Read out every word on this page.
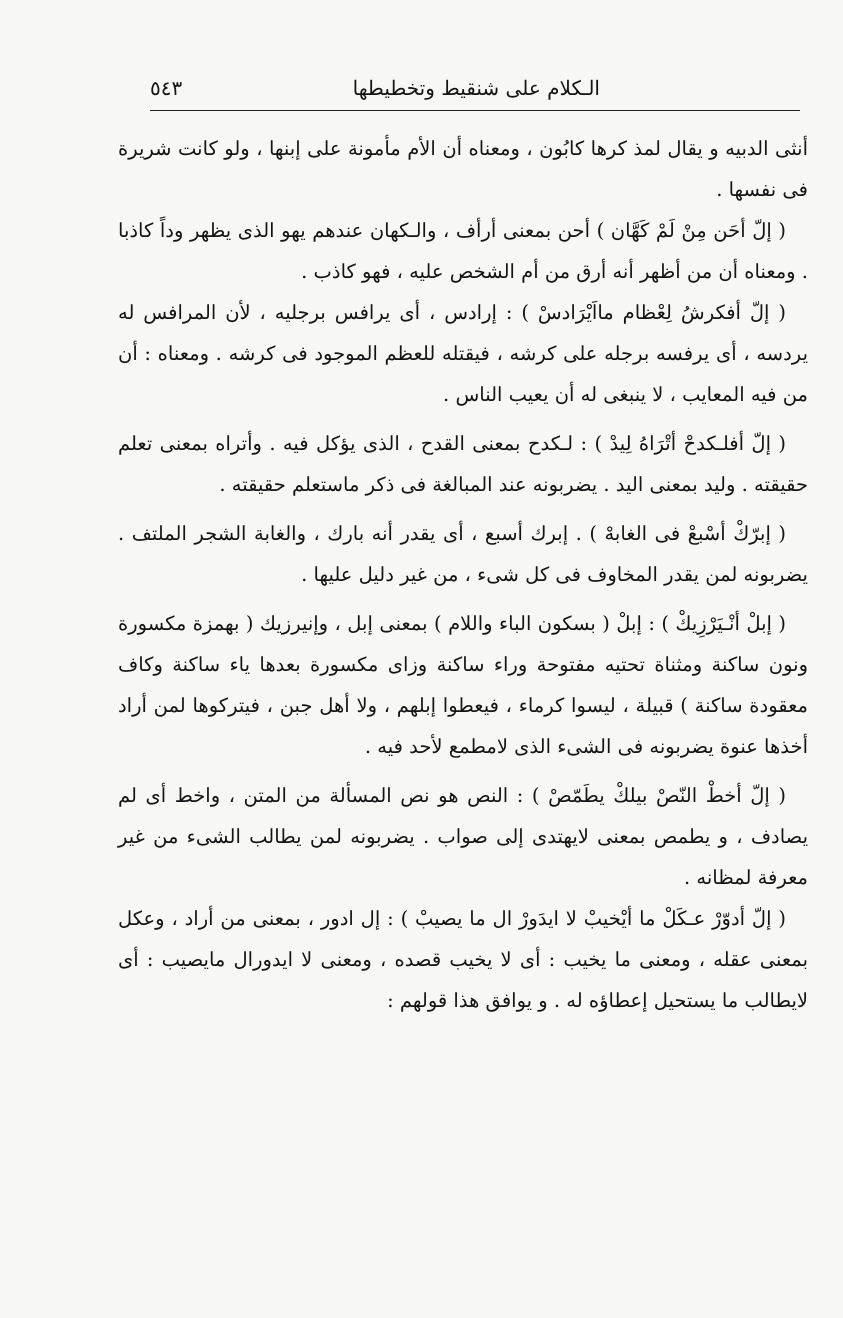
الـكلام على شنقيط وتخطيطها
٥٤٣

أنثى الدبيه و يقال لمذ كرها كابُون ، ومعناه أن الأم مأمونة على إبنها ، ولو كانت شريرة فى نفسها .

( إلّ أحَن مِنْ لَمْ كَهَّان ) أحن بمعنى أرأف ، والـكهان عندهم يهو الذى يظهر وداً كاذبا . ومعناه أن من أظهر أنه أرق من أم الشخص عليه ، فهو كاذب .

( إلّ أفكرشُ لِعْظام مااَيْرَادسْ ) : إرادس ، أى يرافس برجليه ، لأن المرافس له يردسه ، أى يرفسه برجله على كرشه ، فيقتله للعظم الموجود فى كرشه . ومعناه : أن من فيه المعايب ، لا ينبغى له أن يعيب الناس .

( إلّ أفلـكدحْ أتْرَاهُ لِيدْ ) : لـكدح بمعنى القدح ، الذى يؤكل فيه . وأتراه بمعنى تعلم حقيقته . وليد بمعنى اليد . يضربونه عند المبالغة فى ذكر ماستعلم حقيقته .

( إبرّكْ أسْبعْ فى الغابهْ ) . إبرك أسبع ، أى يقدر أنه بارك ، والغابة الشجر الملتف . يضربونه لمن يقدر المخاوف فى كل شىء ، من غير دليل عليها .

( إبلْ أنْـيَرْزِيكْ ) : إبلْ ( بسكون الباء واللام ) بمعنى إبل ، وإنيرزيك ( بهمزة مكسورة ونون ساكنة ومثناة تحتيه مفتوحة وراء ساكنة وزاى مكسورة بعدها ياء ساكنة وكاف معقودة ساكنة ) قبيلة ، ليسوا كرماء ، فيعطوا إبلهم ، ولا أهل جبن ، فيتركوها لمن أراد أخذها عنوة يضربونه فى الشىء الذى لامطمع لأحد فيه .

( إلّ أخطْ النّصْ بيلكْ يطَمّصْ ) : النص هو نص المسألة من المتن ، واخط أى لم يصادف ، و يطمص بمعنى لايهتدى إلى صواب . يضربونه لمن يطالب الشىء من غير معرفة لمظانه .

( إلّ أدوّرْ عـكَلْ ما أيْخيبْ لا ايدَورْ ال ما يصيبْ ) : إل ادور ، بمعنى من أراد ، وعكل بمعنى عقله ، ومعنى ما يخيب : أى لا يخيب قصده ، ومعنى لا ايدورال مايصيب : أى لايطالب ما يستحيل إعطاؤه له . و يوافق هذا قولهم :
